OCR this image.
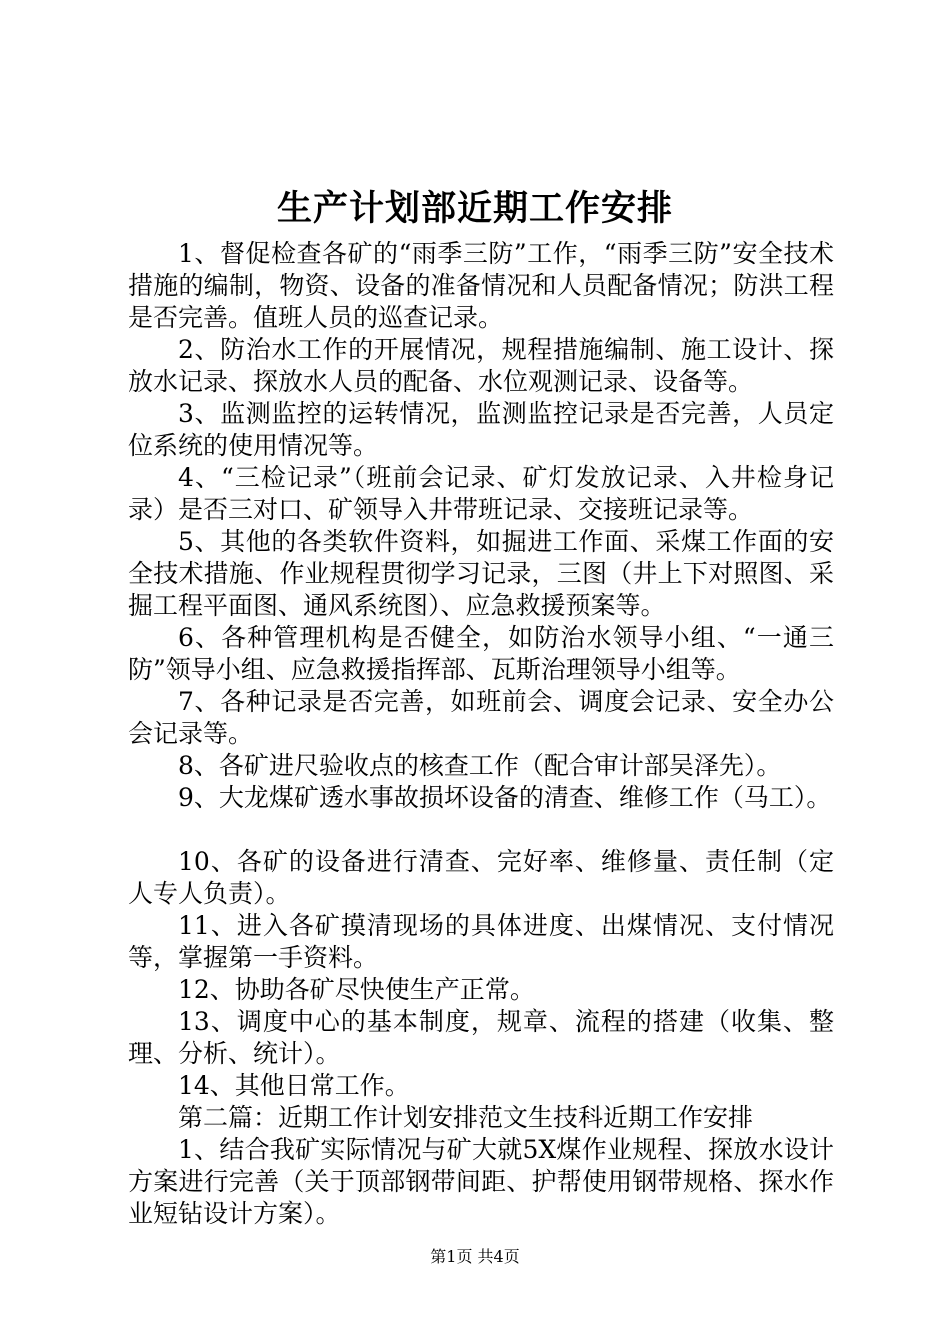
生产计划部近期工作安排

1、督促检查各矿的“雨季三防”工作，“雨季三防”安全技术措施的编制，物资、设备的准备情况和人员配备情况；防洪工程是否完善。值班人员的巡查记录。

2、防治水工作的开展情况，规程措施编制、施工设计、探放水记录、探放水人员的配备、水位观测记录、设备等。

3、监测监控的运转情况，监测监控记录是否完善，人员定位系统的使用情况等。

4、“三检记录”（班前会记录、矿灯发放记录、入井检身记录）是否三对口、矿领导入井带班记录、交接班记录等。

5、其他的各类软件资料，如掘进工作面、采煤工作面的安全技术措施、作业规程贯彻学习记录，三图（井上下对照图、采掘工程平面图、通风系统图）、应急救援预案等。

6、各种管理机构是否健全，如防治水领导小组、“一通三防”领导小组、应急救援指挥部、瓦斯治理领导小组等。

7、各种记录是否完善，如班前会、调度会记录、安全办公会记录等。

8、各矿进尺验收点的核查工作（配合审计部吴泽先）。

9、大龙煤矿透水事故损坏设备的清查、维修工作（马工）。

10、各矿的设备进行清查、完好率、维修量、责任制（定人专人负责）。

11、进入各矿摸清现场的具体进度、出煤情况、支付情况等，掌握第一手资料。

12、协助各矿尽快使生产正常。

13、调度中心的基本制度，规章、流程的搭建（收集、整理、分析、统计）。

14、其他日常工作。

第二篇：近期工作计划安排范文生技科近期工作安排

1、结合我矿实际情况与矿大就5X煤作业规程、探放水设计方案进行完善（关于顶部钢带间距、护帮使用钢带规格、探水作业短钻设计方案）。

第1页 共4页
